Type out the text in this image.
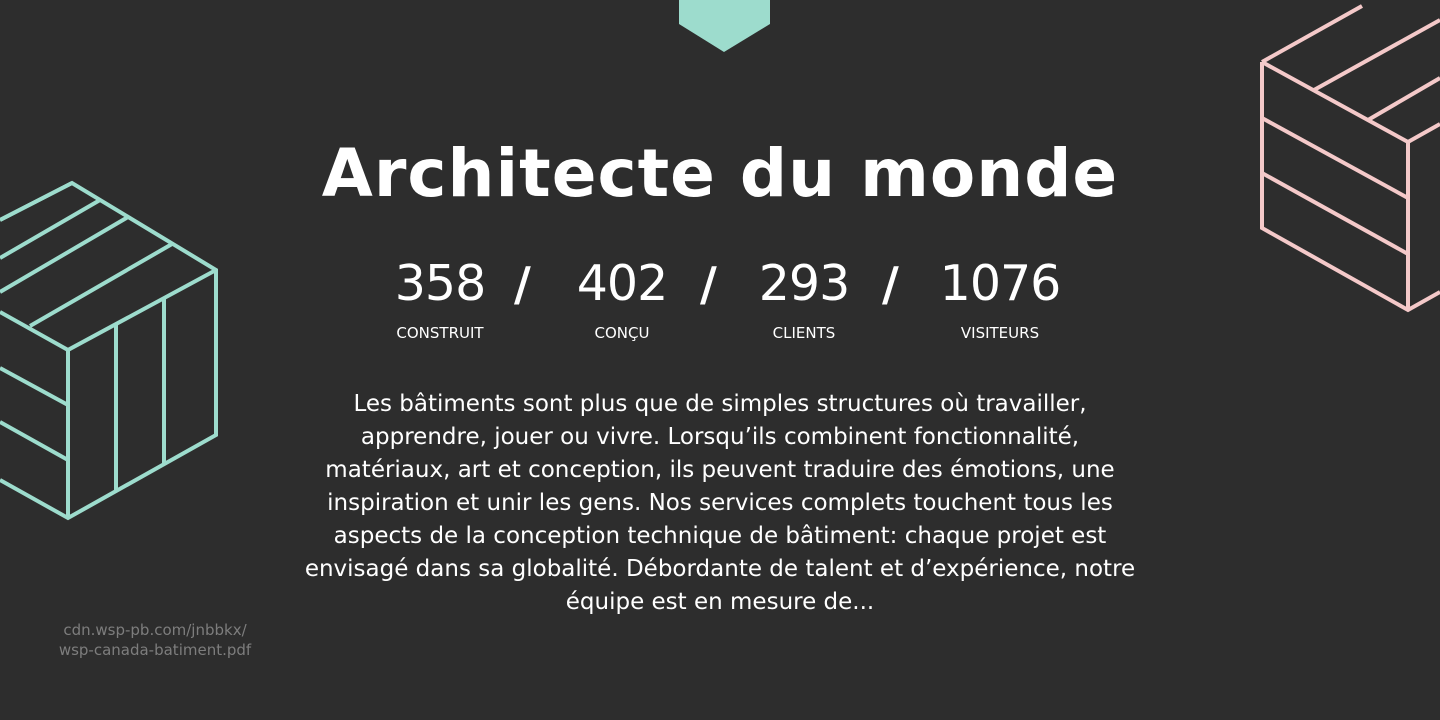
Architecte du monde
358
CONSTRUIT
/ 402
CONÇU
/ 293
CLIENTS
/ 1076
VISITEURS

Les bâtiments sont plus que de simples structures où travailler, apprendre, jouer ou vivre. Lorsqu’ils combinent fonctionnalité, matériaux, art et conception, ils peuvent traduire des émotions, une inspiration et unir les gens. Nos services complets touchent tous les aspects de la conception technique de bâtiment: chaque projet est envisagé dans sa globalité. Débordante de talent et d’expérience, notre équipe est en mesure de...

cdn.wsp-pb.com/jnbbkx/
wsp-canada-batiment.pdf
